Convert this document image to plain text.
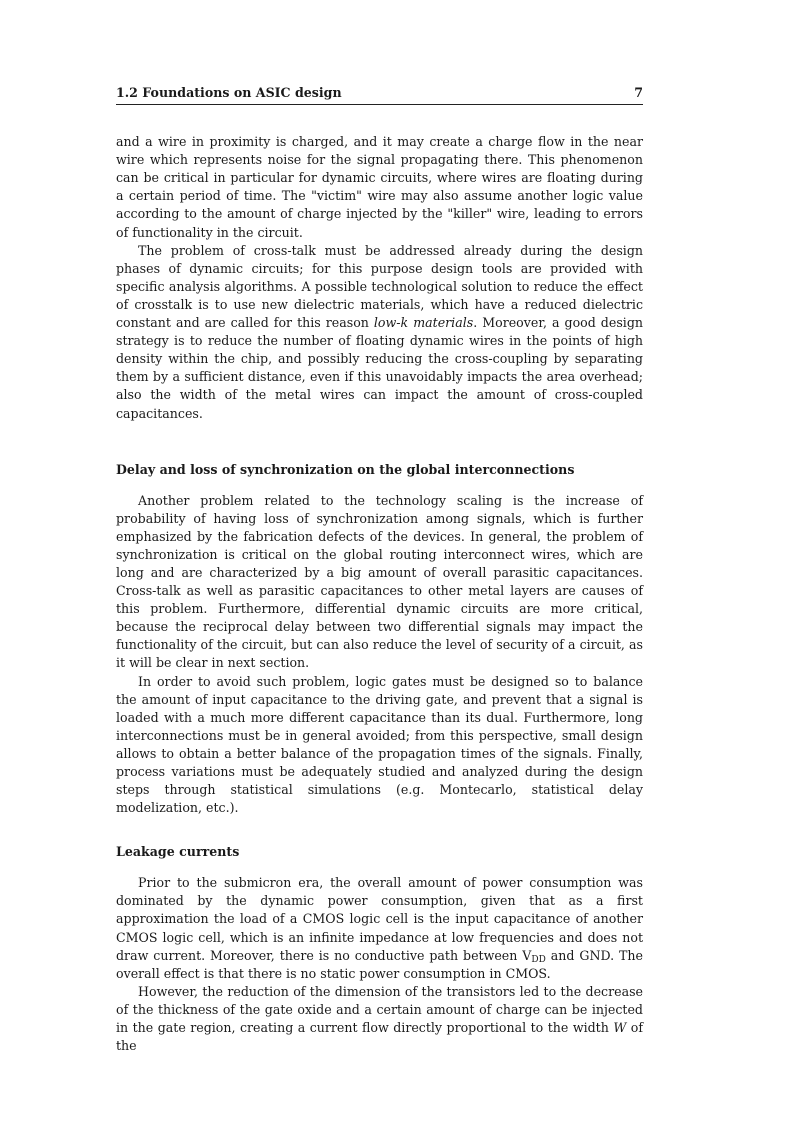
1.2 Foundations on ASIC design	7

and a wire in proximity is charged, and it may create a charge flow in the near wire which represents noise for the signal propagating there. This phenomenon can be critical in particular for dynamic circuits, where wires are floating during a certain period of time. The "victim" wire may also assume another logic value according to the amount of charge injected by the "killer" wire, leading to errors of functionality in the circuit.

The problem of cross-talk must be addressed already during the design phases of dynamic circuits; for this purpose design tools are provided with specific analysis algorithms. A possible technological solution to reduce the effect of crosstalk is to use new dielectric materials, which have a reduced dielectric constant and are called for this reason low-k materials. Moreover, a good design strategy is to reduce the number of floating dynamic wires in the points of high density within the chip, and possibly reducing the cross-coupling by separating them by a sufficient distance, even if this unavoidably impacts the area overhead; also the width of the metal wires can impact the amount of cross-coupled capacitances.

Delay and loss of synchronization on the global interconnections

Another problem related to the technology scaling is the increase of probability of having loss of synchronization among signals, which is further emphasized by the fabrication defects of the devices. In general, the problem of synchronization is critical on the global routing interconnect wires, which are long and are characterized by a big amount of overall parasitic capacitances. Cross-talk as well as parasitic capacitances to other metal layers are causes of this problem. Furthermore, differential dynamic circuits are more critical, because the reciprocal delay between two differential signals may impact the functionality of the circuit, but can also reduce the level of security of a circuit, as it will be clear in next section.

In order to avoid such problem, logic gates must be designed so to balance the amount of input capacitance to the driving gate, and prevent that a signal is loaded with a much more different capacitance than its dual. Furthermore, long interconnections must be in general avoided; from this perspective, small design allows to obtain a better balance of the propagation times of the signals. Finally, process variations must be adequately studied and analyzed during the design steps through statistical simulations (e.g. Montecarlo, statistical delay modelization, etc.).

Leakage currents

Prior to the submicron era, the overall amount of power consumption was dominated by the dynamic power consumption, given that as a first approximation the load of a CMOS logic cell is the input capacitance of another CMOS logic cell, which is an infinite impedance at low frequencies and does not draw current. Moreover, there is no conductive path between $V_{DD}$ and GND. The overall effect is that there is no static power consumption in CMOS.

However, the reduction of the dimension of the transistors led to the decrease of the thickness of the gate oxide and a certain amount of charge can be injected in the gate region, creating a current flow directly proportional to the width W of the
